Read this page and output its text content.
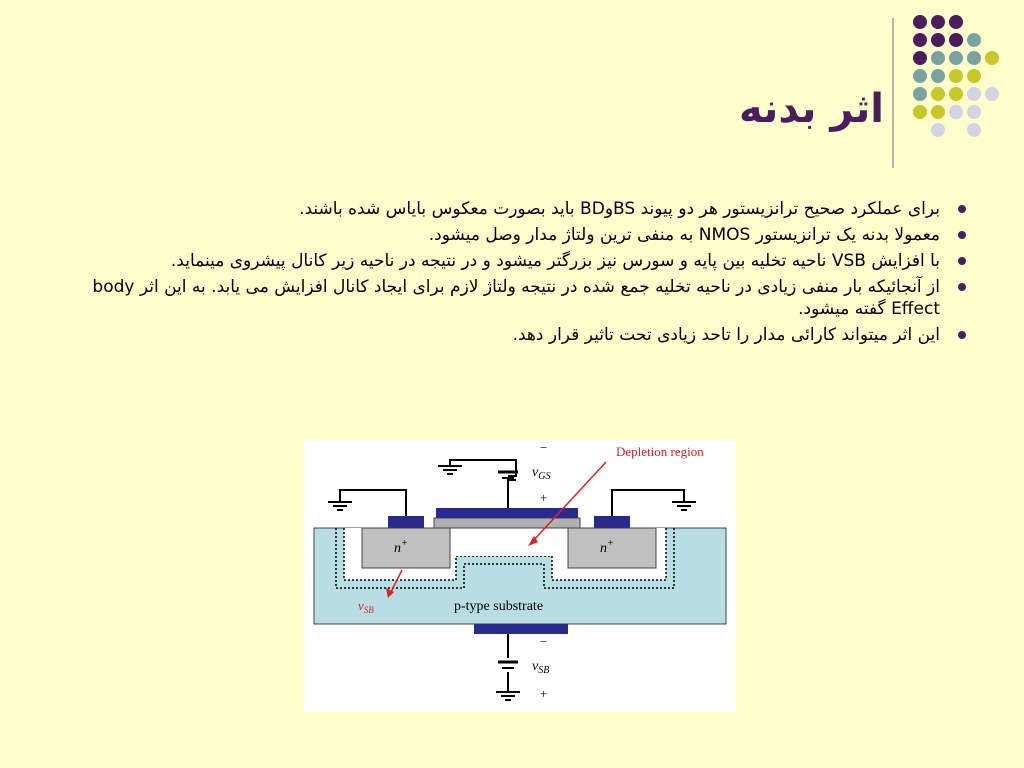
اثر بدنه
برای عملکرد صحیح ترانزیستور هر دو پیوند BSوBD باید بصورت معکوس بایاس شده باشند.
معمولا بدنه یک ترانزیستور NMOS به منفی ترین ولتاژ مدار وصل میشود.
با افزایش VSB ناحیه تخلیه بین پایه و سورس نیز بزرگتر میشود و در نتیجه در ناحیه زیر کانال پیشروی مینماید.
از آنجائیکه بار منفی زیادی در ناحیه تخلیه جمع شده در نتیجه ولتاژ لازم برای ایجاد کانال افزایش می یابد. به این اثر body Effect گفته میشود.
این اثر میتواند کارائی مدار را تاحد زیادی تحت تاثیر قرار دهد.
n+	n+
−
$v_{GS}$
+
Depletion region
p-type substrate
$v_{SB}$
−
$v_{SB}$
+
